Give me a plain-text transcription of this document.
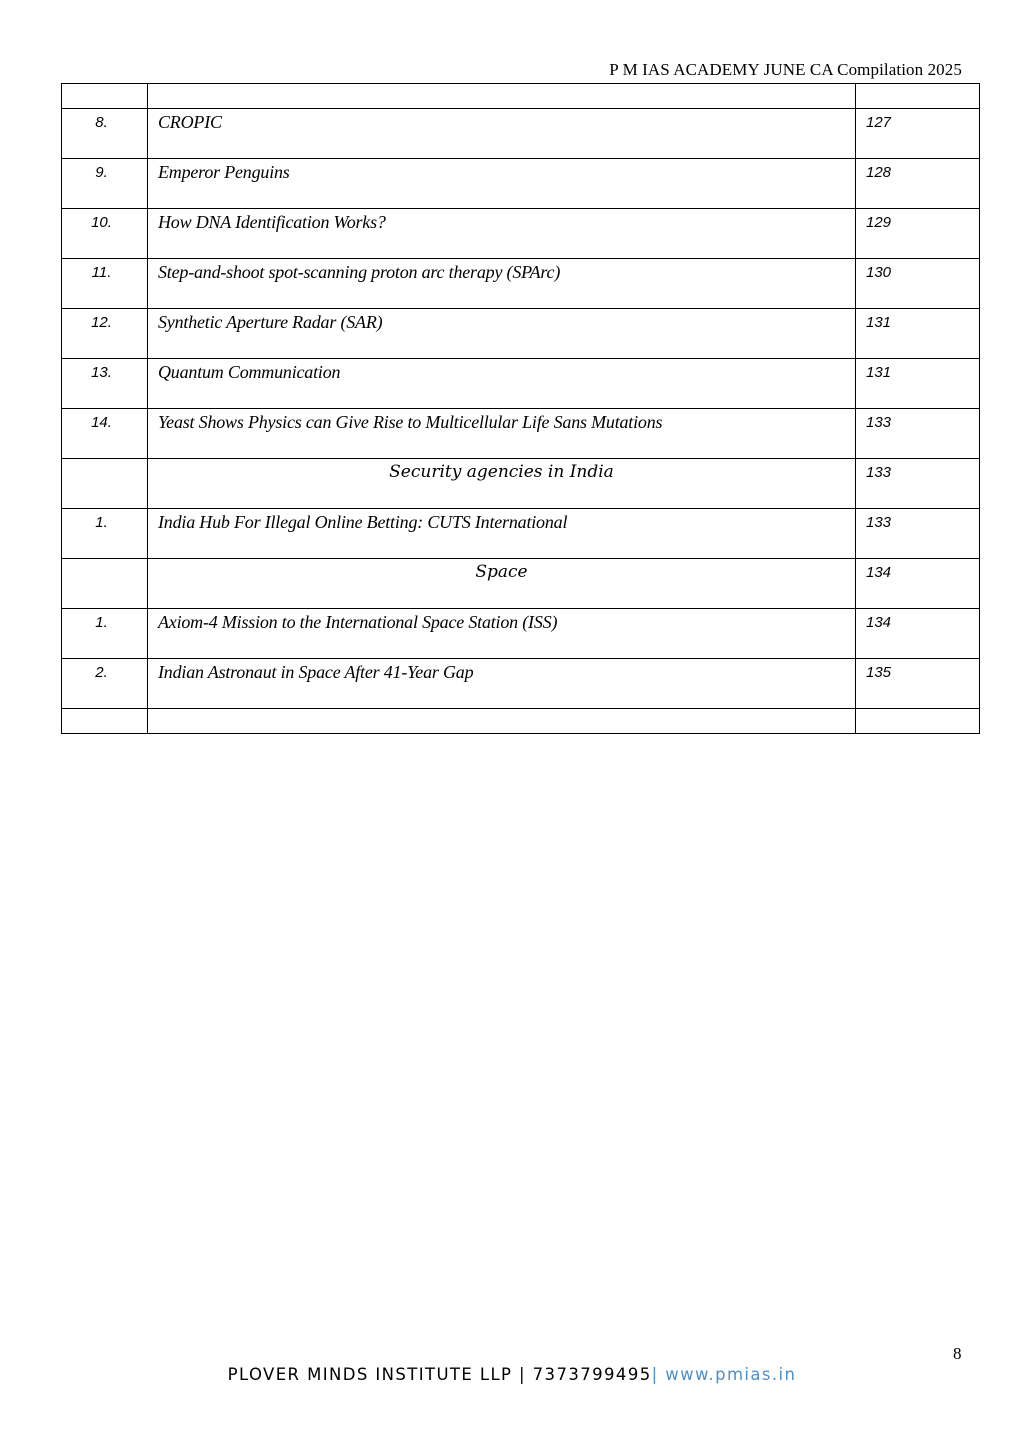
P M IAS ACADEMY JUNE CA Compilation 2025

8.	CROPIC	127
9.	Emperor Penguins	128
10.	How DNA Identification Works?	129
11.	Step-and-shoot spot-scanning proton arc therapy (SPArc)	130
12.	Synthetic Aperture Radar (SAR)	131
13.	Quantum Communication	131
14.	Yeast Shows Physics can Give Rise to Multicellular Life Sans Mutations	133
	Security agencies in India	133
1.	India Hub For Illegal Online Betting: CUTS International	133
	Space	134
1.	Axiom-4 Mission to the International Space Station (ISS)	134
2.	Indian Astronaut in Space After 41-Year Gap	135

8
PLOVER MINDS INSTITUTE LLP | 7373799495| www.pmias.in
